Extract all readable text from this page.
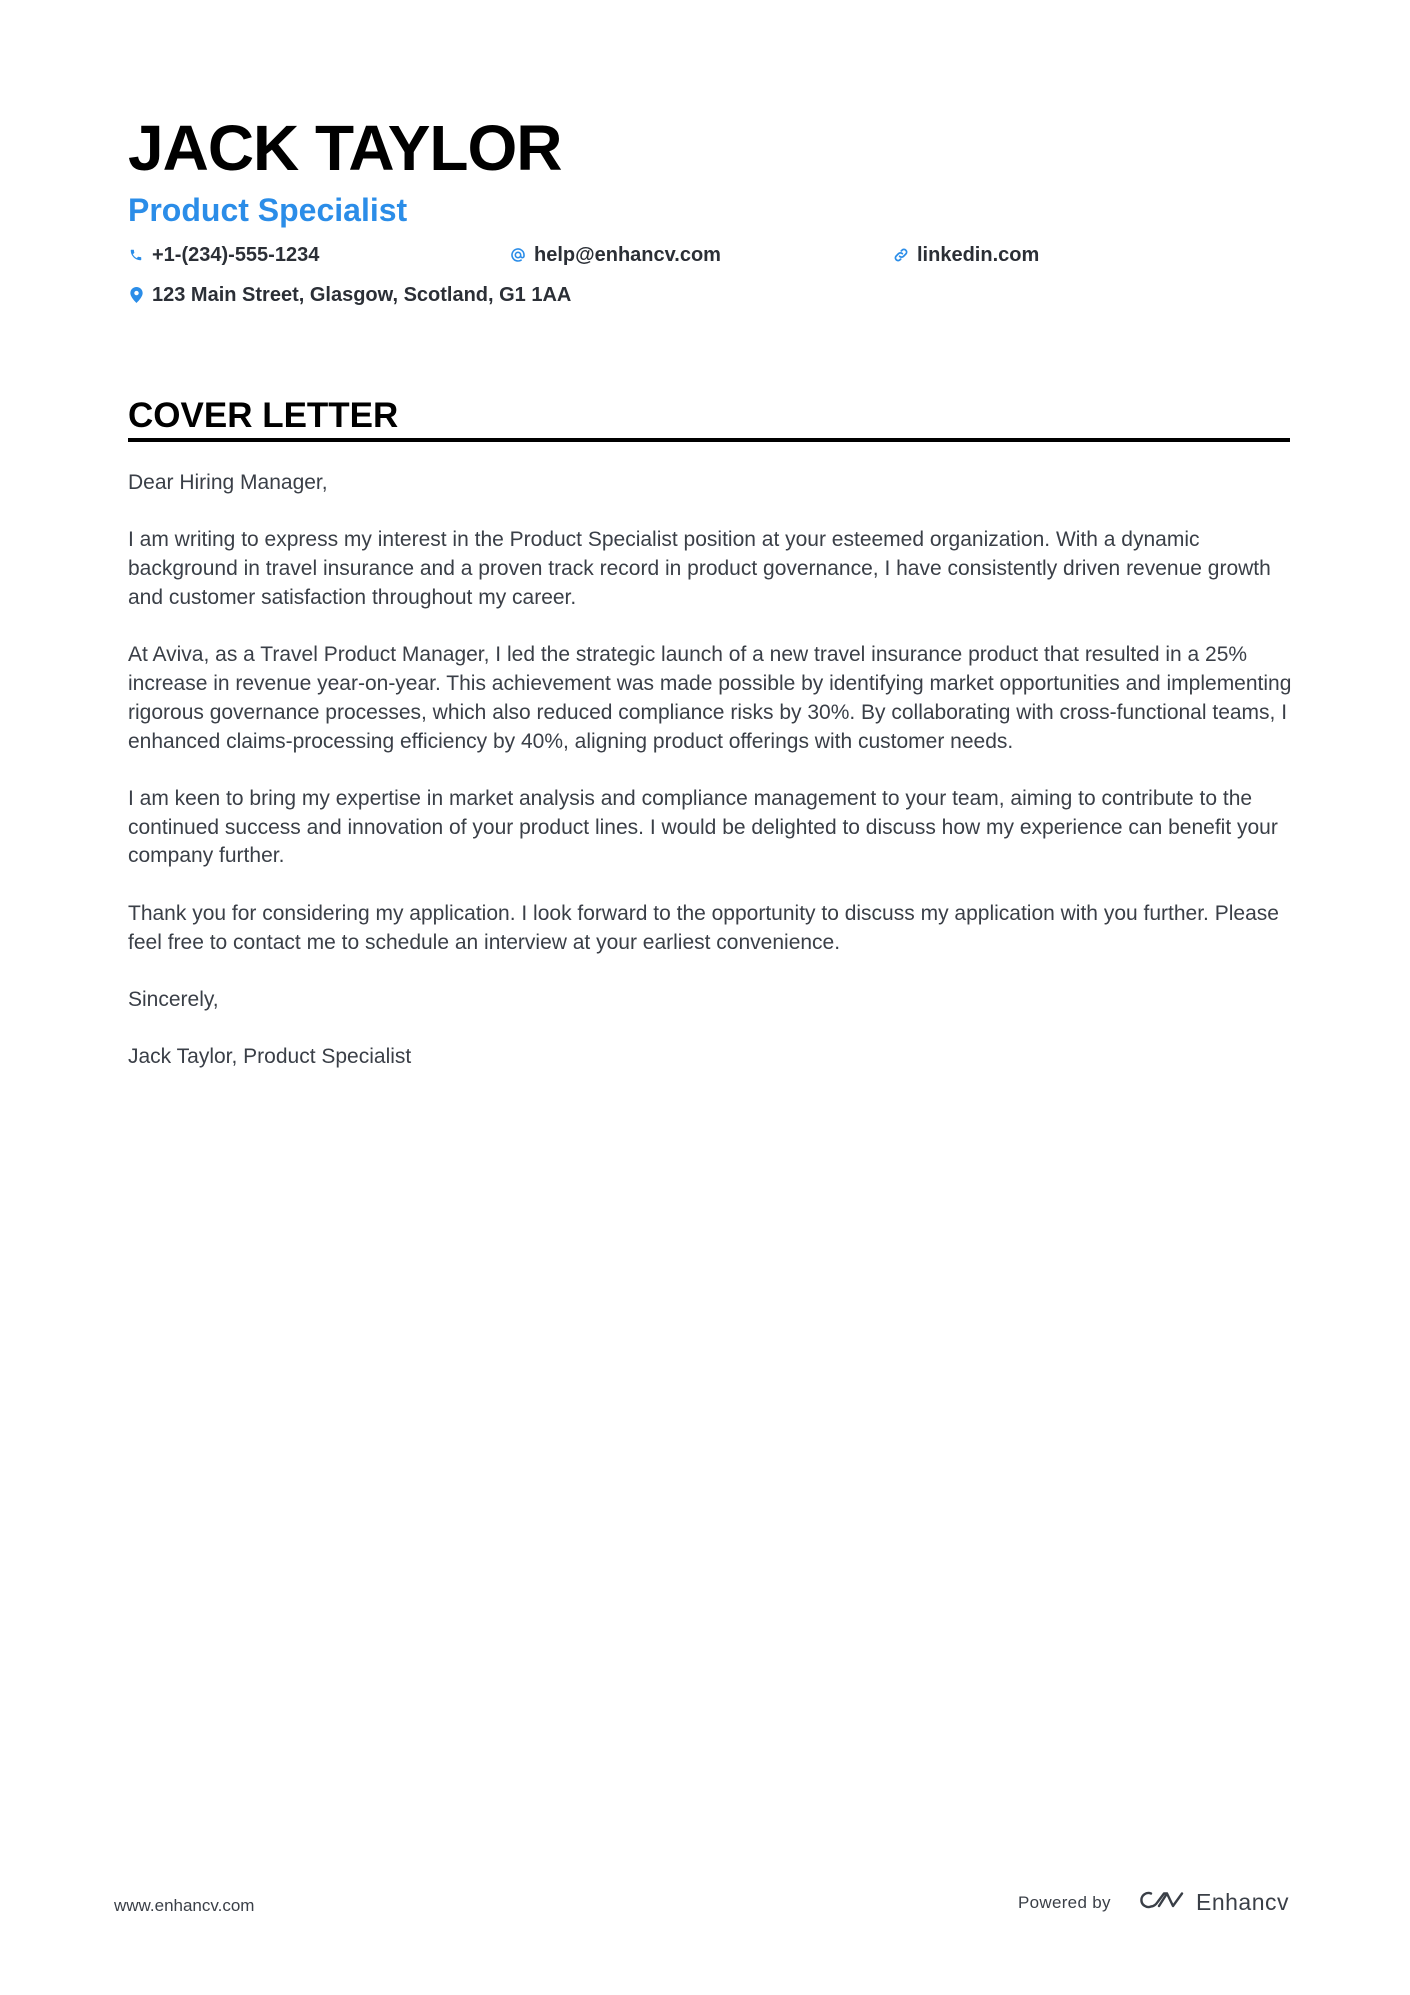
JACK TAYLOR
Product Specialist
+1-(234)-555-1234	help@enhancv.com	linkedin.com
123 Main Street, Glasgow, Scotland, G1 1AA
COVER LETTER

Dear Hiring Manager,

I am writing to express my interest in the Product Specialist position at your esteemed organization. With a dynamic background in travel insurance and a proven track record in product governance, I have consistently driven revenue growth and customer satisfaction throughout my career.

At Aviva, as a Travel Product Manager, I led the strategic launch of a new travel insurance product that resulted in a 25% increase in revenue year-on-year. This achievement was made possible by identifying market opportunities and implementing rigorous governance processes, which also reduced compliance risks by 30%. By collaborating with cross-functional teams, I enhanced claims-processing efficiency by 40%, aligning product offerings with customer needs.

I am keen to bring my expertise in market analysis and compliance management to your team, aiming to contribute to the continued success and innovation of your product lines. I would be delighted to discuss how my experience can benefit your company further.

Thank you for considering my application. I look forward to the opportunity to discuss my application with you further. Please feel free to contact me to schedule an interview at your earliest convenience.

Sincerely,

Jack Taylor, Product Specialist

www.enhancv.com	Powered by	Enhancv
